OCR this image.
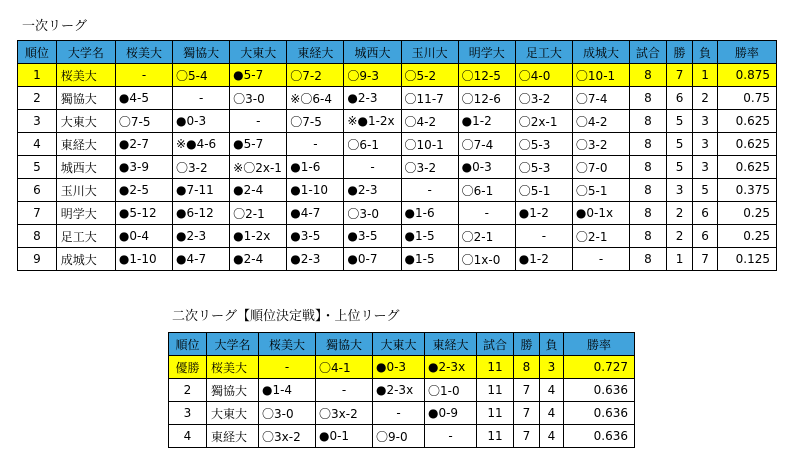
一次リーグ
順位	大学名	桜美大	獨協大	大東大	東経大	城西大	玉川大	明学大	足工大	成城大	試合	勝	負	勝率
1	桜美大	-	〇5-4	●5-7	〇7-2	〇9-3	〇5-2	〇12-5	〇4-0	〇10-1	8	7	1	0.875
2	獨協大	●4-5	-	〇3-0	※〇6-4	●2-3	〇11-7	〇12-6	〇3-2	〇7-4	8	6	2	0.75
3	大東大	〇7-5	●0-3	-	〇7-5	※●1-2x	〇4-2	●1-2	〇2x-1	〇4-2	8	5	3	0.625
4	東経大	●2-7	※●4-6	●5-7	-	〇6-1	〇10-1	〇7-4	〇5-3	〇3-2	8	5	3	0.625
5	城西大	●3-9	〇3-2	※〇2x-1	●1-6	-	〇3-2	●0-3	〇5-3	〇7-0	8	5	3	0.625
6	玉川大	●2-5	●7-11	●2-4	●1-10	●2-3	-	〇6-1	〇5-1	〇5-1	8	3	5	0.375
7	明学大	●5-12	●6-12	〇2-1	●4-7	〇3-0	●1-6	-	●1-2	●0-1x	8	2	6	0.25
8	足工大	●0-4	●2-3	●1-2x	●3-5	●3-5	●1-5	〇2-1	-	〇2-1	8	2	6	0.25
9	成城大	●1-10	●4-7	●2-4	●2-3	●0-7	●1-5	〇1x-0	●1-2	-	8	1	7	0.125
二次リーグ【順位決定戦】・上位リーグ
順位	大学名	桜美大	獨協大	大東大	東経大	試合	勝	負	勝率
優勝	桜美大	-	〇4-1	●0-3	●2-3x	11	8	3	0.727
2	獨協大	●1-4	-	●2-3x	〇1-0	11	7	4	0.636
3	大東大	〇3-0	〇3x-2	-	●0-9	11	7	4	0.636
4	東経大	〇3x-2	●0-1	〇9-0	-	11	7	4	0.636
